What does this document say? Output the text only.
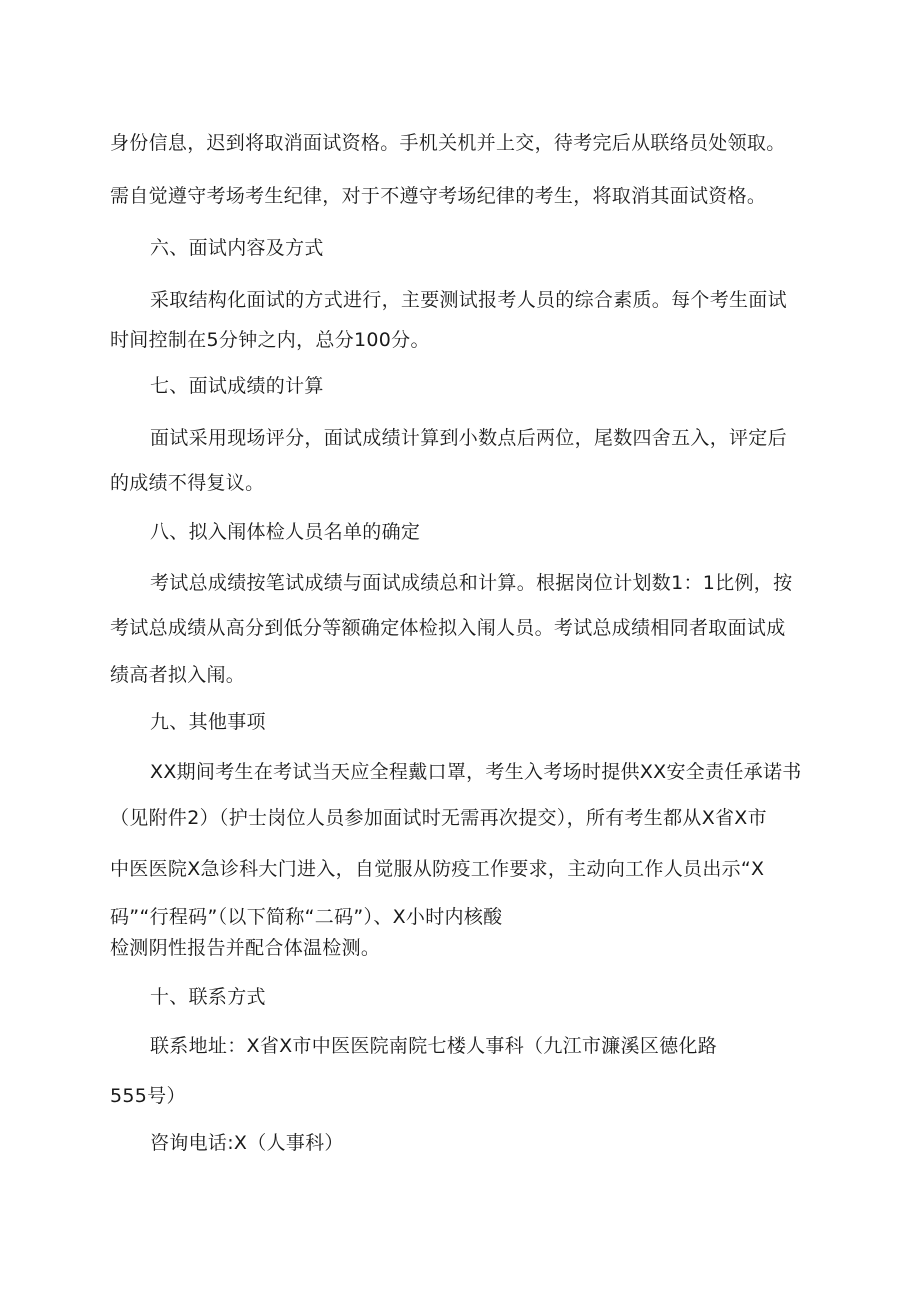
身份信息，迟到将取消面试资格。手机关机并上交，待考完后从联络员处领取。
需自觉遵守考场考生纪律，对于不遵守考场纪律的考生，将取消其面试资格。
六、面试内容及方式
采取结构化面试的方式进行，主要测试报考人员的综合素质。每个考生面试
时间控制在5分钟之内，总分100分。
七、面试成绩的计算
面试采用现场评分，面试成绩计算到小数点后两位，尾数四舍五入，评定后
的成绩不得复议。
八、拟入闱体检人员名单的确定
考试总成绩按笔试成绩与面试成绩总和计算。根据岗位计划数1：1比例，按
考试总成绩从高分到低分等额确定体检拟入闱人员。考试总成绩相同者取面试成
绩高者拟入闱。
九、其他事项
XX期间考生在考试当天应全程戴口罩，考生入考场时提供XX安全责任承诺书
（见附件2）（护士岗位人员参加面试时无需再次提交），所有考生都从X省X市
中医医院X急诊科大门进入，自觉服从防疫工作要求，主动向工作人员出示“X
码”“行程码”（以下简称“二码”）、X小时内核酸
检测阴性报告并配合体温检测。
十、联系方式
联系地址：X省X市中医医院南院七楼人事科（九江市濂溪区德化路
555号）
咨询电话:X（人事科）
